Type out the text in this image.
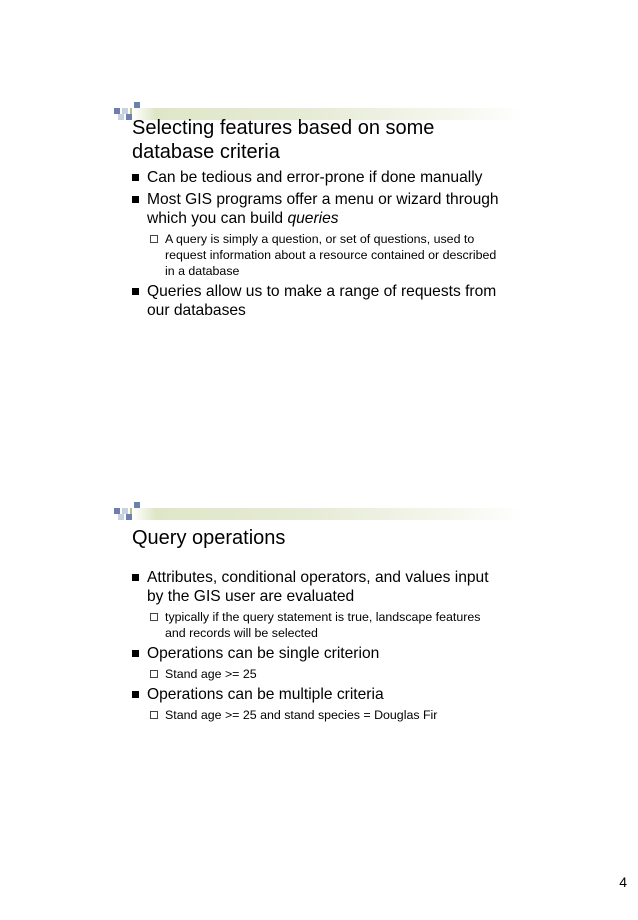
Selecting features based on some database criteria
Can be tedious and error-prone if done manually
Most GIS programs offer a menu or wizard through which you can build queries
A query is simply a question, or set of questions, used to request information about a resource contained or described in a database
Queries allow us to make a range of requests from our databases
Query operations
Attributes, conditional operators, and values input by the GIS user are evaluated
typically if the query statement is true, landscape features and records will be selected
Operations can be single criterion
Stand age >= 25
Operations can be multiple criteria
Stand age >= 25 and stand species = Douglas Fir
4
